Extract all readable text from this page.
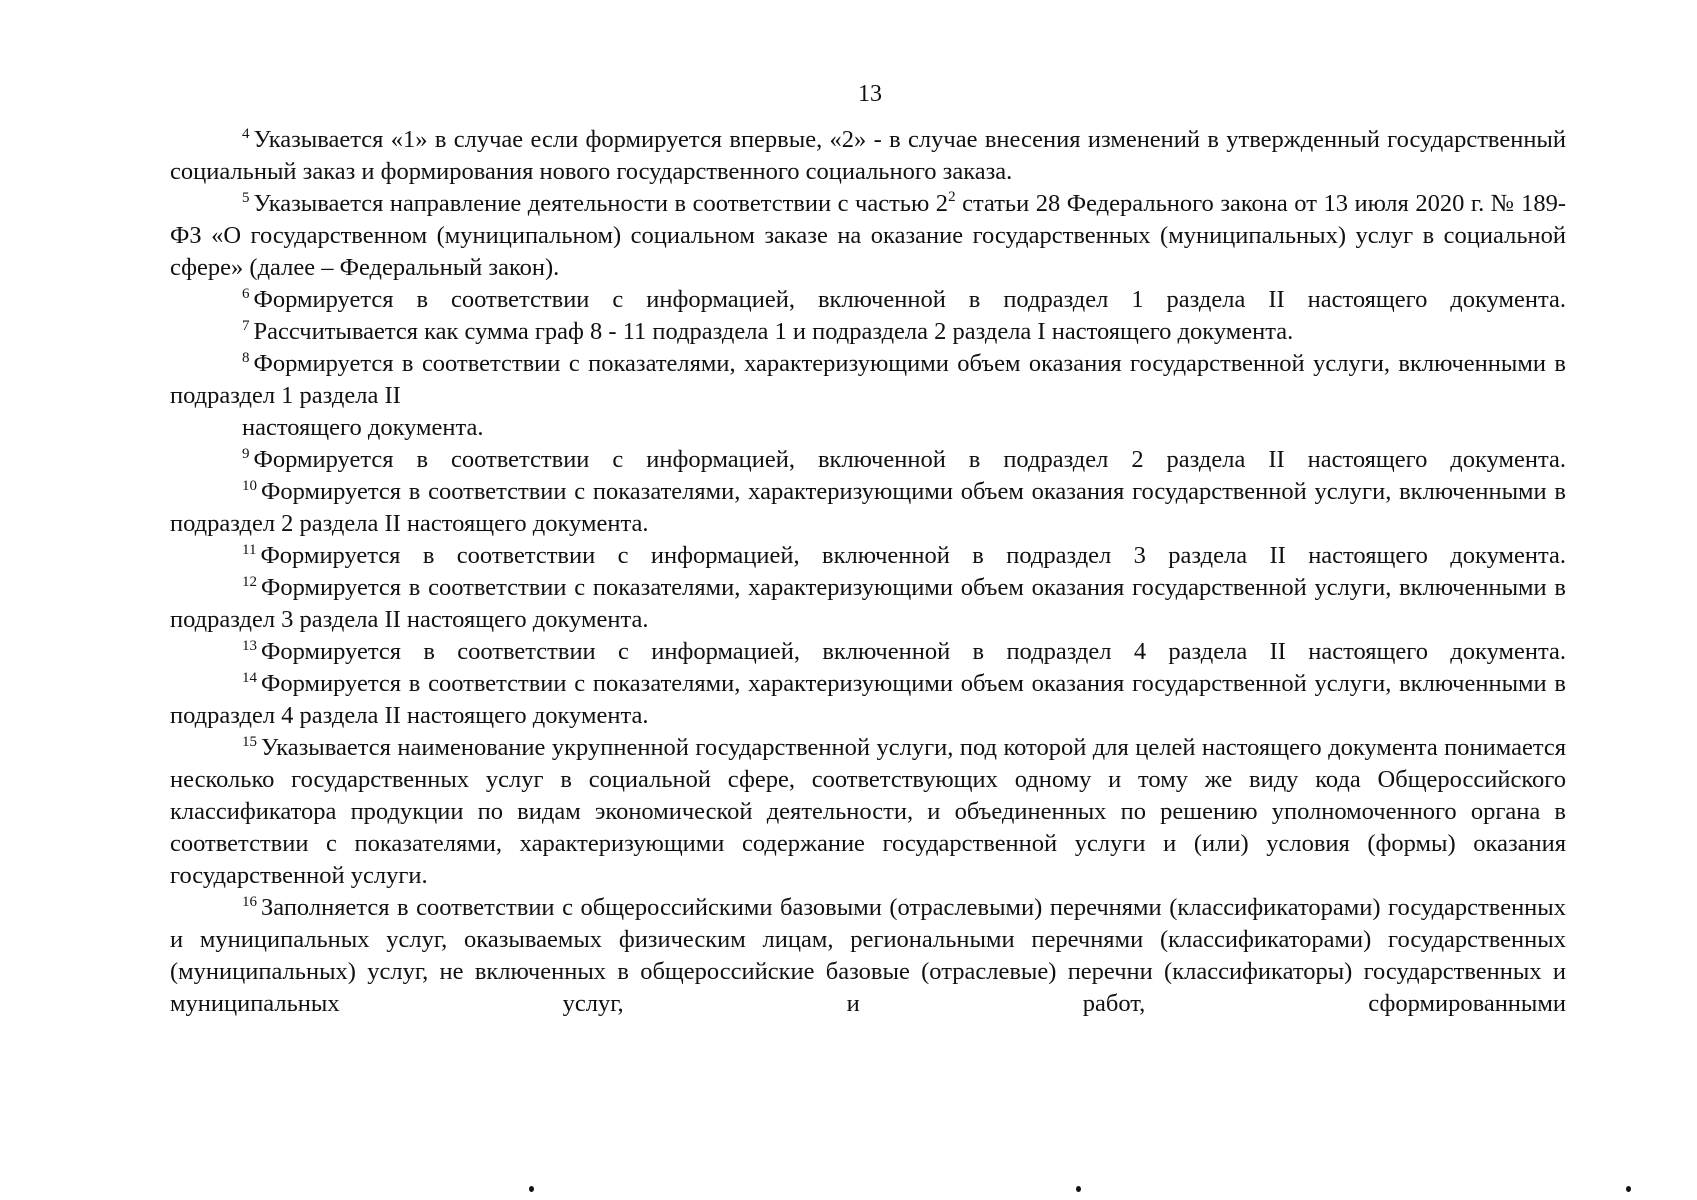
13

$^4$ Указывается «1» в случае если формируется впервые, «2» - в случае внесения изменений в утвержденный государственный социальный заказ и формирования нового государственного социального заказа.

$^5$ Указывается направление деятельности в соответствии с частью $2^2$ статьи 28 Федерального закона от 13 июля 2020 г. № 189-ФЗ «О государственном (муниципальном) социальном заказе на оказание государственных (муниципальных) услуг в социальной сфере» (далее – Федеральный закон).

$^6$ Формируется в соответствии с информацией, включенной в подраздел 1 раздела II настоящего документа.

$^7$ Рассчитывается как сумма граф 8 - 11 подраздела 1 и подраздела 2 раздела I настоящего документа.

$^8$ Формируется в соответствии с показателями, характеризующими объем оказания государственной услуги, включенными в подраздел 1 раздела II

настоящего документа.

$^9$ Формируется в соответствии с информацией, включенной в подраздел 2 раздела II настоящего документа.

$^{10}$ Формируется в соответствии с показателями, характеризующими объем оказания государственной услуги, включенными в подраздел 2 раздела II настоящего документа.

$^{11}$ Формируется в соответствии с информацией, включенной в подраздел 3 раздела II настоящего документа.

$^{12}$ Формируется в соответствии с показателями, характеризующими объем оказания государственной услуги, включенными в подраздел 3 раздела II настоящего документа.

$^{13}$ Формируется в соответствии с информацией, включенной в подраздел 4 раздела II настоящего документа.

$^{14}$ Формируется в соответствии с показателями, характеризующими объем оказания государственной услуги, включенными в подраздел 4 раздела II настоящего документа.

$^{15}$ Указывается наименование укрупненной государственной услуги, под которой для целей настоящего документа понимается несколько государственных услуг в социальной сфере, соответствующих одному и тому же виду кода Общероссийского классификатора продукции по видам экономической деятельности, и объединенных по решению уполномоченного органа в соответствии с показателями, характеризующими содержание государственной услуги и (или) условия (формы) оказания государственной услуги.

$^{16}$ Заполняется в соответствии с общероссийскими базовыми (отраслевыми) перечнями (классификаторами) государственных и муниципальных услуг, оказываемых физическим лицам, региональными перечнями (классификаторами) государственных (муниципальных) услуг, не включенных в общероссийские базовые (отраслевые) перечни (классификаторы) государственных и муниципальных услуг, и работ, сформированными
